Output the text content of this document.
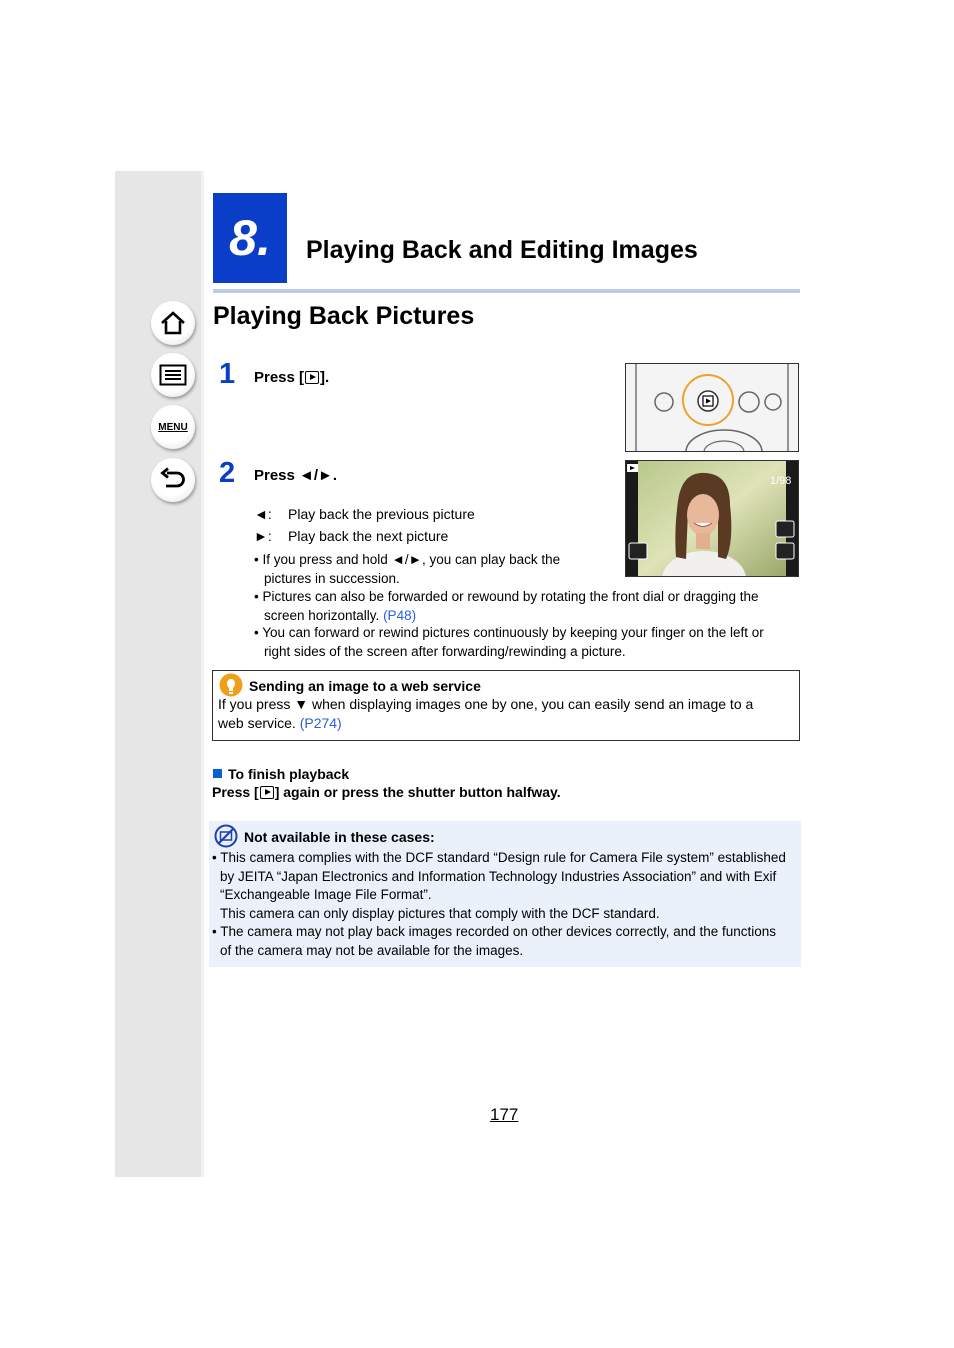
MENU
8.	Playing Back and Editing Images
Playing Back Pictures
1 Press [ ].
2 Press ◄/►.
◄: Play back the previous picture
►: Play back the next picture
1/98
• If you press and hold ◄/►, you can play back the
pictures in succession.
• Pictures can also be forwarded or rewound by rotating the front dial or dragging the
screen horizontally. (P48)
• You can forward or rewind pictures continuously by keeping your finger on the left or
right sides of the screen after forwarding/rewinding a picture.
Sending an image to a web service
If you press ▼ when displaying images one by one, you can easily send an image to a
web service. (P274)
To finish playback
Press [ ] again or press the shutter button halfway.
Not available in these cases:
• This camera complies with the DCF standard “Design rule for Camera File system” established
by JEITA “Japan Electronics and Information Technology Industries Association” and with Exif
“Exchangeable Image File Format”.
This camera can only display pictures that comply with the DCF standard.
• The camera may not play back images recorded on other devices correctly, and the functions
of the camera may not be available for the images.
177
